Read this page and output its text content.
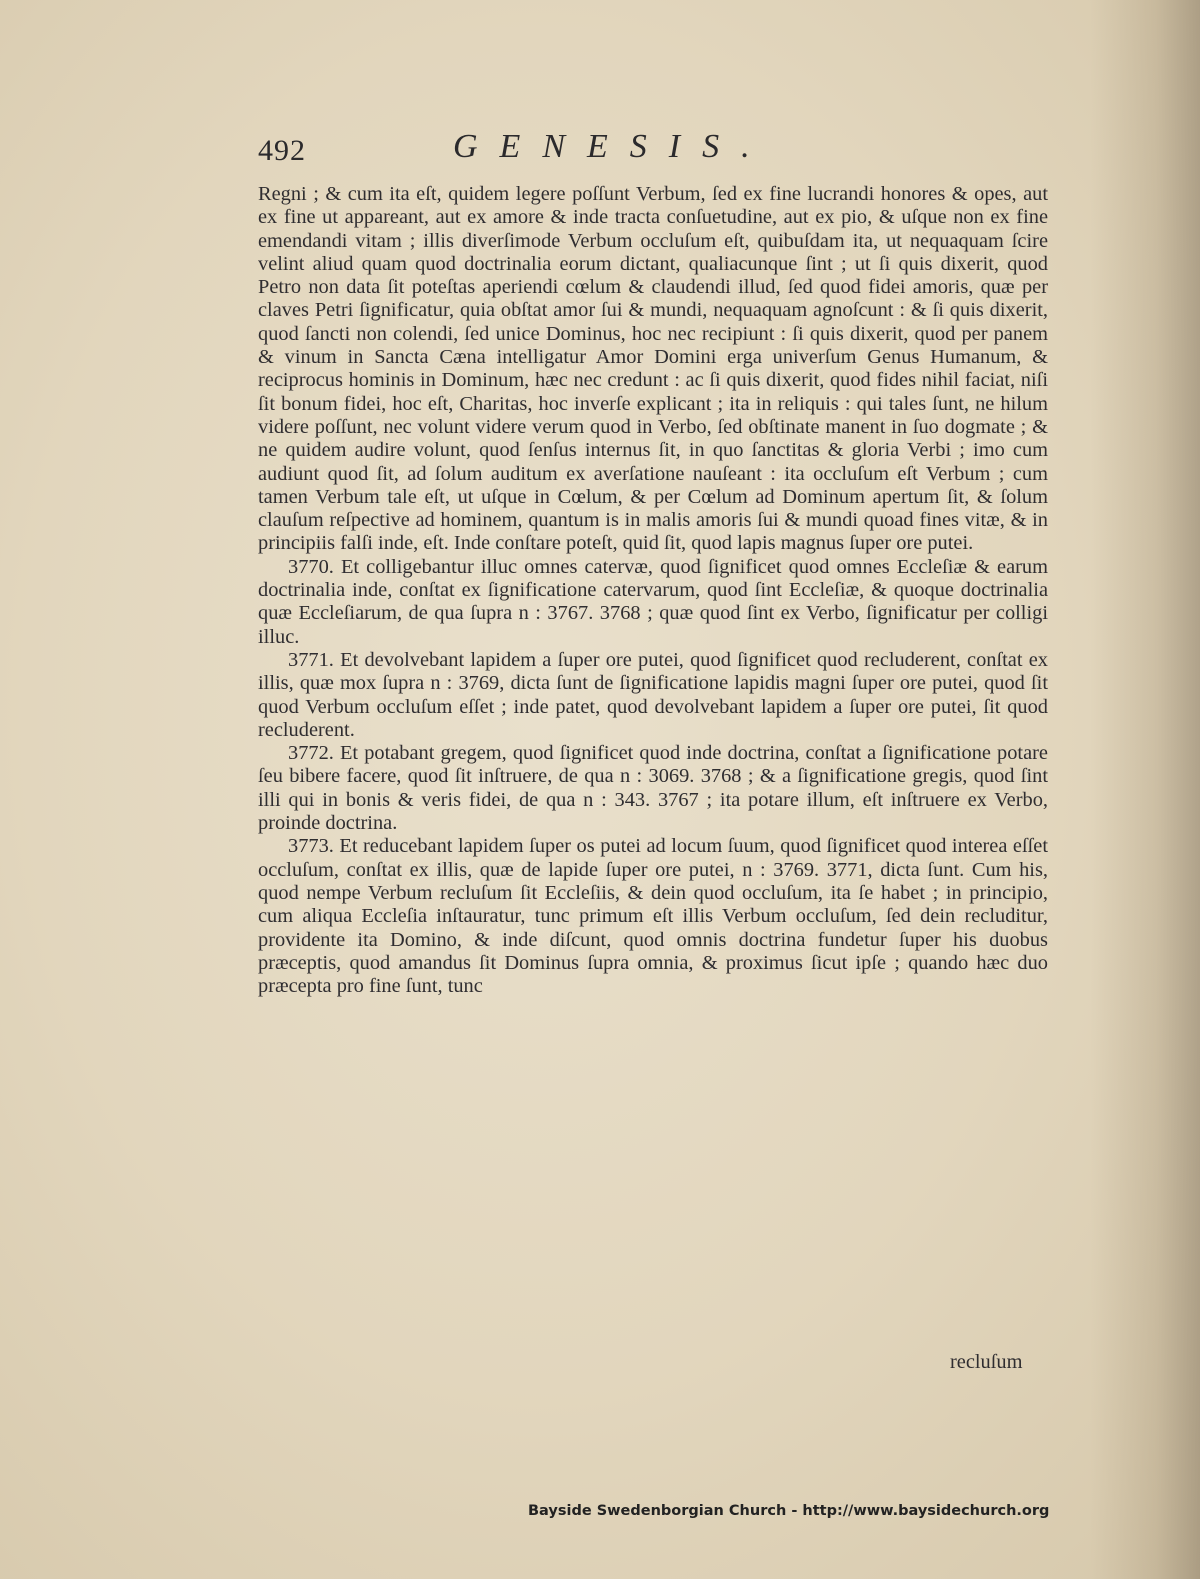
492	GENESIS.

Regni ; & cum ita eſt, quidem legere poſſunt Verbum, ſed ex fine lucrandi honores & opes, aut ex fine ut appareant, aut ex amore & inde tracta conſuetudine, aut ex pio, & uſque non ex fine emendandi vitam ; illis diverſimode Verbum occluſum eſt, quibuſdam ita, ut nequaquam ſcire velint aliud quam quod doctrinalia eorum dictant, qualiacunque ſint ; ut ſi quis dixerit, quod Petro non data ſit poteſtas aperiendi cœlum & claudendi illud, ſed quod fidei amoris, quæ per claves Petri ſignificatur, quia obſtat amor ſui & mundi, nequaquam agnoſcunt : & ſi quis dixerit, quod ſancti non colendi, ſed unice Dominus, hoc nec recipiunt : ſi quis dixerit, quod per panem & vinum in Sancta Cæna intelligatur Amor Domini erga univerſum Genus Humanum, & reciprocus hominis in Dominum, hæc nec credunt : ac ſi quis dixerit, quod fides nihil faciat, niſi ſit bonum fidei, hoc eſt, Charitas, hoc inverſe explicant ; ita in reliquis : qui tales ſunt, ne hilum videre poſſunt, nec volunt videre verum quod in Verbo, ſed obſtinate manent in ſuo dogmate ; & ne quidem audire volunt, quod ſenſus internus ſit, in quo ſanctitas & gloria Verbi ; imo cum audiunt quod ſit, ad ſolum auditum ex averſatione nauſeant : ita occluſum eſt Verbum ; cum tamen Verbum tale eſt, ut uſque in Cœlum, & per Cœlum ad Dominum apertum ſit, & ſolum clauſum reſpective ad hominem, quantum is in malis amoris ſui & mundi quoad fines vitæ, & in principiis falſi inde, eſt. Inde conſtare poteſt, quid ſit, quod lapis magnus ſuper ore putei.

3770. Et colligebantur illuc omnes catervæ, quod ſignificet quod omnes Eccleſiæ & earum doctrinalia inde, conſtat ex ſignificatione catervarum, quod ſint Eccleſiæ, & quoque doctrinalia quæ Eccleſiarum, de qua ſupra n : 3767. 3768 ; quæ quod ſint ex Verbo, ſignificatur per colligi illuc.

3771. Et devolvebant lapidem a ſuper ore putei, quod ſignificet quod recluderent, conſtat ex illis, quæ mox ſupra n : 3769, dicta ſunt de ſignificatione lapidis magni ſuper ore putei, quod ſit quod Verbum occluſum eſſet ; inde patet, quod devolvebant lapidem a ſuper ore putei, ſit quod recluderent.

3772. Et potabant gregem, quod ſignificet quod inde doctrina, conſtat a ſignificatione potare ſeu bibere facere, quod ſit inſtruere, de qua n : 3069. 3768 ; & a ſignificatione gregis, quod ſint illi qui in bonis & veris fidei, de qua n : 343. 3767 ; ita potare illum, eſt inſtruere ex Verbo, proinde doctrina.

3773. Et reducebant lapidem ſuper os putei ad locum ſuum, quod ſignificet quod interea eſſet occluſum, conſtat ex illis, quæ de lapide ſuper ore putei, n : 3769. 3771, dicta ſunt. Cum his, quod nempe Verbum recluſum ſit Eccleſiis, & dein quod occluſum, ita ſe habet ; in principio, cum aliqua Eccleſia inſtauratur, tunc primum eſt illis Verbum occluſum, ſed dein recluditur, providente ita Domino, & inde diſcunt, quod omnis doctrina fundetur ſuper his duobus præceptis, quod amandus ſit Dominus ſupra omnia, & proximus ſicut ipſe ; quando hæc duo præcepta pro fine ſunt, tunc

recluſum
Bayside Swedenborgian Church - http://www.baysidechurch.org
